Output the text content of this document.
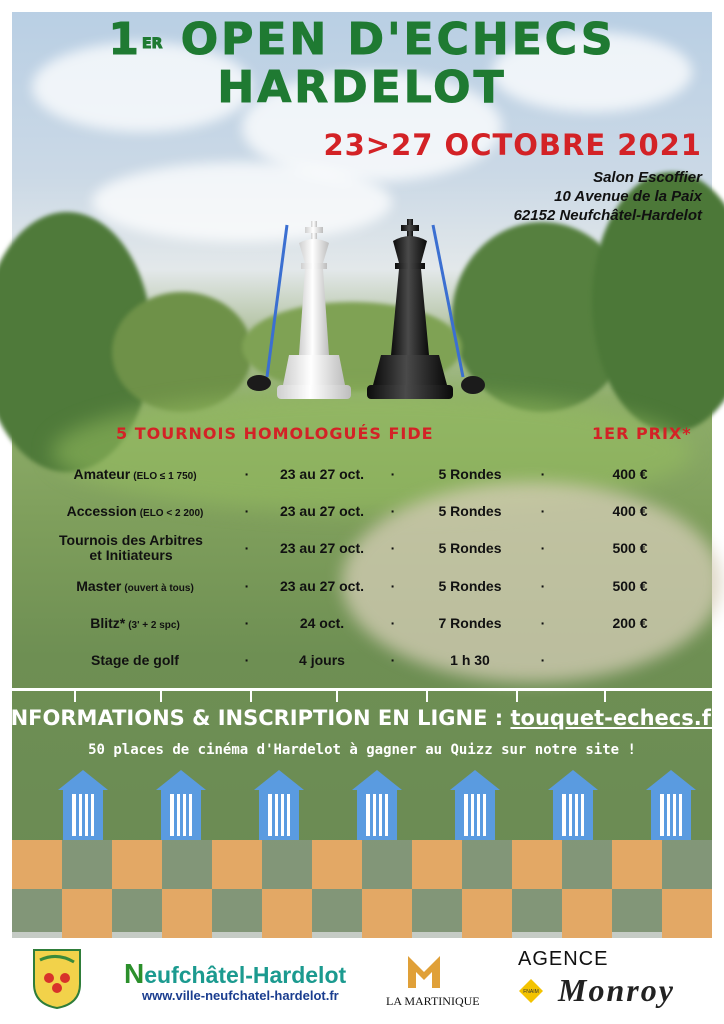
1ER OPEN D'ECHECS
HARDELOT
23>27 OCTOBRE 2021
Salon Escoffier
10 Avenue de la Paix
62152 Neufchâtel-Hardelot
5 TOURNOIS HOMOLOGUÉS FIDE	1ER PRIX*
Amateur (ELO ≤ 1 750)	·	23 au 27 oct.	·	5 Rondes	·	400 €
Accession (ELO < 2 200)	·	23 au 27 oct.	·	5 Rondes	·	400 €
Tournois des Arbitres et Initiateurs	·	23 au 27 oct.	·	5 Rondes	·	500 €
Master (ouvert à tous)	·	23 au 27 oct.	·	5 Rondes	·	500 €
Blitz* (3' + 2 spc)	·	24 oct.	·	7 Rondes	·	200 €
Stage de golf	·	4 jours	·	1 h 30	·
INFORMATIONS & INSCRIPTION EN LIGNE : touquet-echecs.fr
50 places de cinéma d'Hardelot à gagner au Quizz sur notre site !
Neufchâtel-Hardelot
www.ville-neufchatel-hardelot.fr	LA MARTINIQUE
AGENCE
FNAIM Monroy
